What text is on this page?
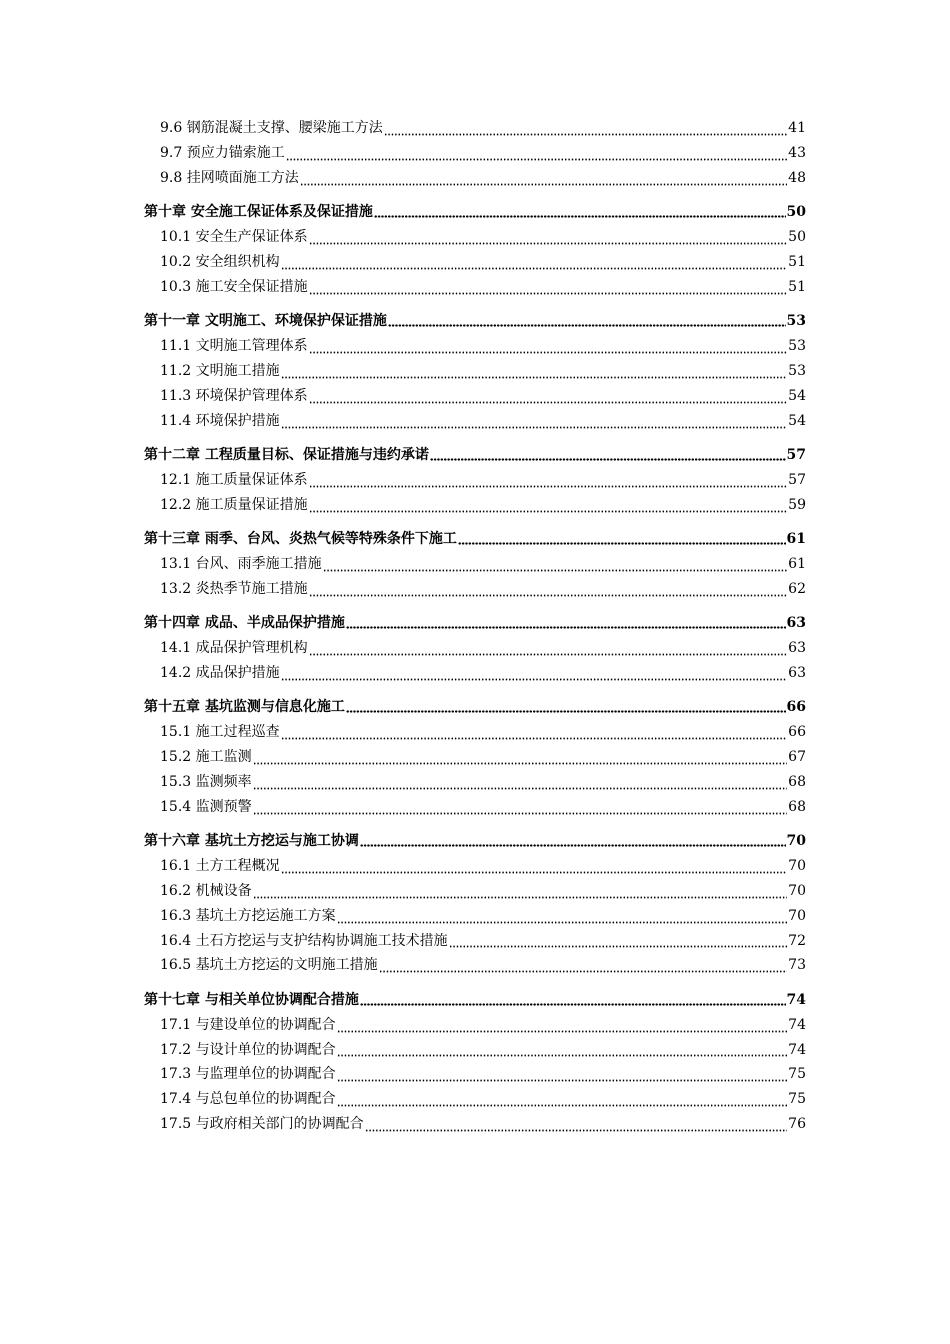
9.6 钢筋混凝土支撑、腰梁施工方法	41
9.7 预应力锚索施工	43
9.8 挂网喷面施工方法	48
第十章 安全施工保证体系及保证措施	50
10.1 安全生产保证体系	50
10.2 安全组织机构	51
10.3 施工安全保证措施	51
第十一章 文明施工、环境保护保证措施	53
11.1 文明施工管理体系	53
11.2 文明施工措施	53
11.3 环境保护管理体系	54
11.4 环境保护措施	54
第十二章 工程质量目标、保证措施与违约承诺	57
12.1 施工质量保证体系	57
12.2 施工质量保证措施	59
第十三章 雨季、台风、炎热气候等特殊条件下施工	61
13.1 台风、雨季施工措施	61
13.2 炎热季节施工措施	62
第十四章 成品、半成品保护措施	63
14.1 成品保护管理机构	63
14.2 成品保护措施	63
第十五章 基坑监测与信息化施工	66
15.1 施工过程巡查	66
15.2 施工监测	67
15.3 监测频率	68
15.4 监测预警	68
第十六章 基坑土方挖运与施工协调	70
16.1 土方工程概况	70
16.2 机械设备	70
16.3 基坑土方挖运施工方案	70
16.4 土石方挖运与支护结构协调施工技术措施	72
16.5 基坑土方挖运的文明施工措施	73
第十七章 与相关单位协调配合措施	74
17.1 与建设单位的协调配合	74
17.2 与设计单位的协调配合	74
17.3 与监理单位的协调配合	75
17.4 与总包单位的协调配合	75
17.5 与政府相关部门的协调配合	76
